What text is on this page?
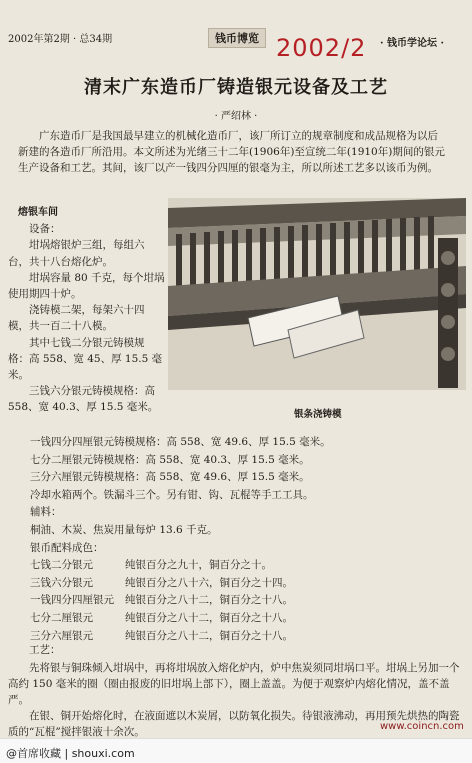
2002年第2期 · 总34期	钱币博览 2002/2 · 钱币学论坛 ·
清末广东造币厂铸造银元设备及工艺
· 严绍林 ·

广东造币厂是我国最早建立的机械化造币厂，该厂所订立的规章制度和成品规格为以后新建的各造币厂所沿用。本文所述为光绪三十二年(1906年)至宣统二年(1910年)期间的银元生产设备和工艺。其间，该厂以产一钱四分四厘的银毫为主，所以所述工艺多以该币为例。

熔银车间

设备：

坩埚熔银炉三组，每组六台，共十八台熔化炉。

坩埚容量 80 千克，每个坩埚使用期四十炉。

浇铸模二架，每架六十四模，共一百二十八模。

其中七钱二分银元铸模规格：高 558、宽 45、厚 15.5 毫米。

三钱六分银元铸模规格：高 558、宽 40.3、厚 15.5 毫米。

银条浇铸模

一钱四分四厘银元铸模规格：高 558、宽 49.6、厚 15.5 毫米。

七分二厘银元铸模规格：高 558、宽 40.3、厚 15.5 毫米。

三分六厘银元铸模规格：高 558、宽 49.6、厚 15.5 毫米。

冷却水箱两个。铁漏斗三个。另有钳、钩、瓦棍等手工工具。

辅料：

桐油、木炭、焦炭用量每炉 13.6 千克。

银币配料成色：

七钱二分银元	纯银百分之九十，铜百分之十。
三钱六分银元	纯银百分之八十六，铜百分之十四。
一钱四分四厘银元	纯银百分之八十二，铜百分之十八。
七分二厘银元	纯银百分之八十二，铜百分之十八。
三分六厘银元	纯银百分之八十二，铜百分之十八。

工艺：

先将银与铜珠倾入坩埚中，再将坩埚放入熔化炉内，炉中焦炭须同坩埚口平。坩埚上另加一个高约 150 毫米的圈（圈由报废的旧坩埚上部下），圈上盖盖。为便于观察炉内熔化情况，盖不盖严。

在银、铜开始熔化时，在液面遮以木炭屑，以防氧化损失。待银液沸动，再用预先烘热的陶瓷质的“瓦棍”搅拌银液十余次。	www.coincn.com
@首席收藏 | shouxi.com
